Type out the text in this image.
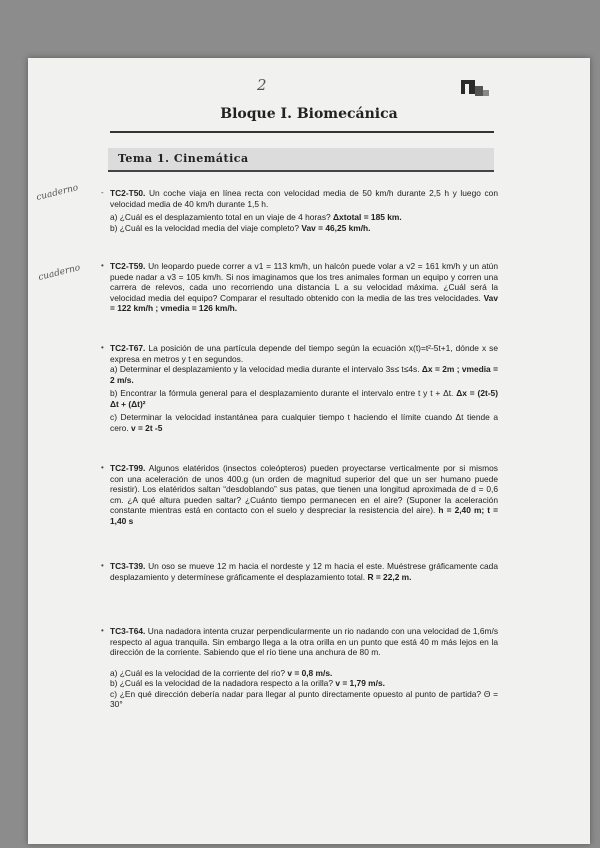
2
Bloque I. Biomecánica
Tema 1. Cinemática
cuaderno
cuaderno
- TC2-T50. Un coche viaja en línea recta con velocidad media de 50 km/h durante 2,5 h y luego con velocidad media de 40 km/h durante 1,5 h.

a) ¿Cuál es el desplazamiento total en un viaje de 4 horas? Δxtotal = 185 km.

b) ¿Cuál es la velocidad media del viaje completo? Vav = 46,25 km/h.

• TC2-T59. Un leopardo puede correr a v1 = 113 km/h, un halcón puede volar a v2 = 161 km/h y un atún puede nadar a v3 = 105 km/h. Si nos imaginamos que los tres animales forman un equipo y corren una carrera de relevos, cada uno recorriendo una distancia L a su velocidad máxima. ¿Cuál será la velocidad media del equipo? Comparar el resultado obtenido con la media de las tres velocidades. Vav = 122 km/h ; vmedia = 126 km/h.

• TC2-T67. La posición de una partícula depende del tiempo según la ecuación x(t)=t²-5t+1, dónde x se expresa en metros y t en segundos.

a) Determinar el desplazamiento y la velocidad media durante el intervalo 3s≤ t≤4s. Δx = 2m ; vmedia = 2 m/s.

b) Encontrar la fórmula general para el desplazamiento durante el intervalo entre t y t + Δt. Δx = (2t-5) Δt + (Δt)²

c) Determinar la velocidad instantánea para cualquier tiempo t haciendo el límite cuando Δt tiende a cero. v = 2t -5

• TC2-T99. Algunos elatéridos (insectos coleópteros) pueden proyectarse verticalmente por si mismos con una aceleración de unos 400.g (un orden de magnitud superior del que un ser humano puede resistir). Los elatéridos saltan “desdoblando” sus patas, que tienen una longitud aproximada de d = 0,6 cm. ¿A qué altura pueden saltar? ¿Cuánto tiempo permanecen en el aire? (Suponer la aceleración constante mientras está en contacto con el suelo y despreciar la resistencia del aire). h = 2,40 m; t = 1,40 s

• TC3-T39. Un oso se mueve 12 m hacia el nordeste y 12 m hacia el este. Muéstrese gráficamente cada desplazamiento y determínese gráficamente el desplazamiento total. R = 22,2 m.

• TC3-T64. Una nadadora intenta cruzar perpendicularmente un rio nadando con una velocidad de 1,6m/s respecto al agua tranquila. Sin embargo llega a la otra orilla en un punto que está 40 m más lejos en la dirección de la corriente. Sabiendo que el río tiene una anchura de 80 m.

a) ¿Cuál es la velocidad de la corriente del rio? v = 0,8 m/s.

b) ¿Cuál es la velocidad de la nadadora respecto a la orilla? v = 1,79 m/s.

c) ¿En qué dirección debería nadar para llegar al punto directamente opuesto al punto de partida? Θ = 30°
